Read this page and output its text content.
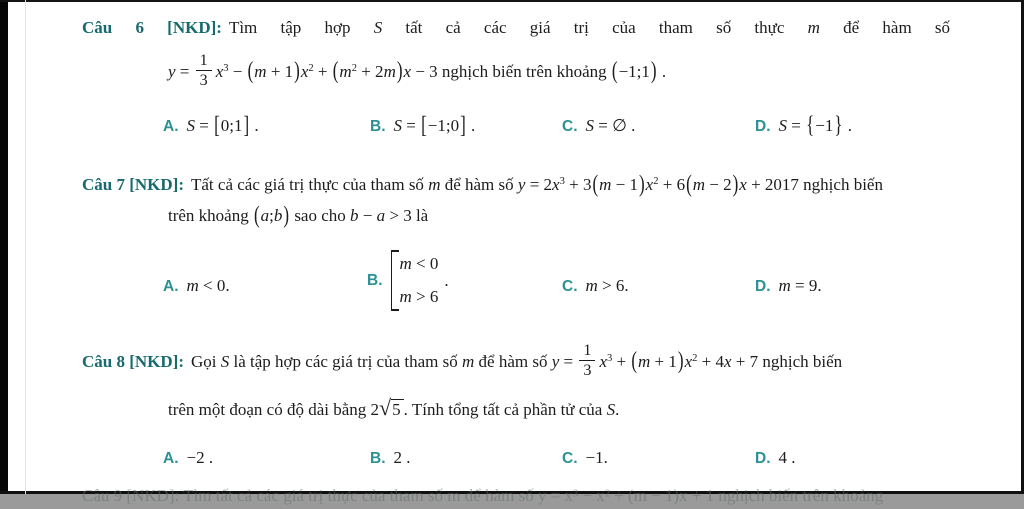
Câu 6 [NKD]: Tìm tập hợp S tất cả các giá trị của tham số thực m để hàm số
$y = \frac{1}{3} x^3 - (m + 1)x^2 + (m^2 + 2m)x - 3$ nghịch biến trên khoảng (−1;1) .
A. S = [0;1] .	B. S = [−1;0] .	C. S = ∅ .	D. S = {−1} .
Câu 7 [NKD]: Tất cả các giá trị thực của tham số m để hàm số $y = 2x^3 + 3(m - 1)x^2 + 6(m - 2)x + 2017$ nghịch biến
trên khoảng (a;b) sao cho b − a > 3 là
A. m < 0.	B.
m < 0
m > 6
.	C. m > 6.	D. m = 9.
Câu 8 [NKD]: Gọi S là tập hợp các giá trị của tham số m để hàm số $y = \frac{1}{3} x^3 + (m + 1)x^2 + 4x + 7$ nghịch biến
trên một đoạn có độ dài bằng 2√5 . Tính tổng tất cả phần tử của S.
A. −2 .	B. 2 .	C. −1.	D. 4 .
Câu 9 [NKD]: Tìm tất cả các giá trị thực của tham số m để hàm số y = x³ − x² + (m − 1)x + 1 nghịch biến trên khoảng
